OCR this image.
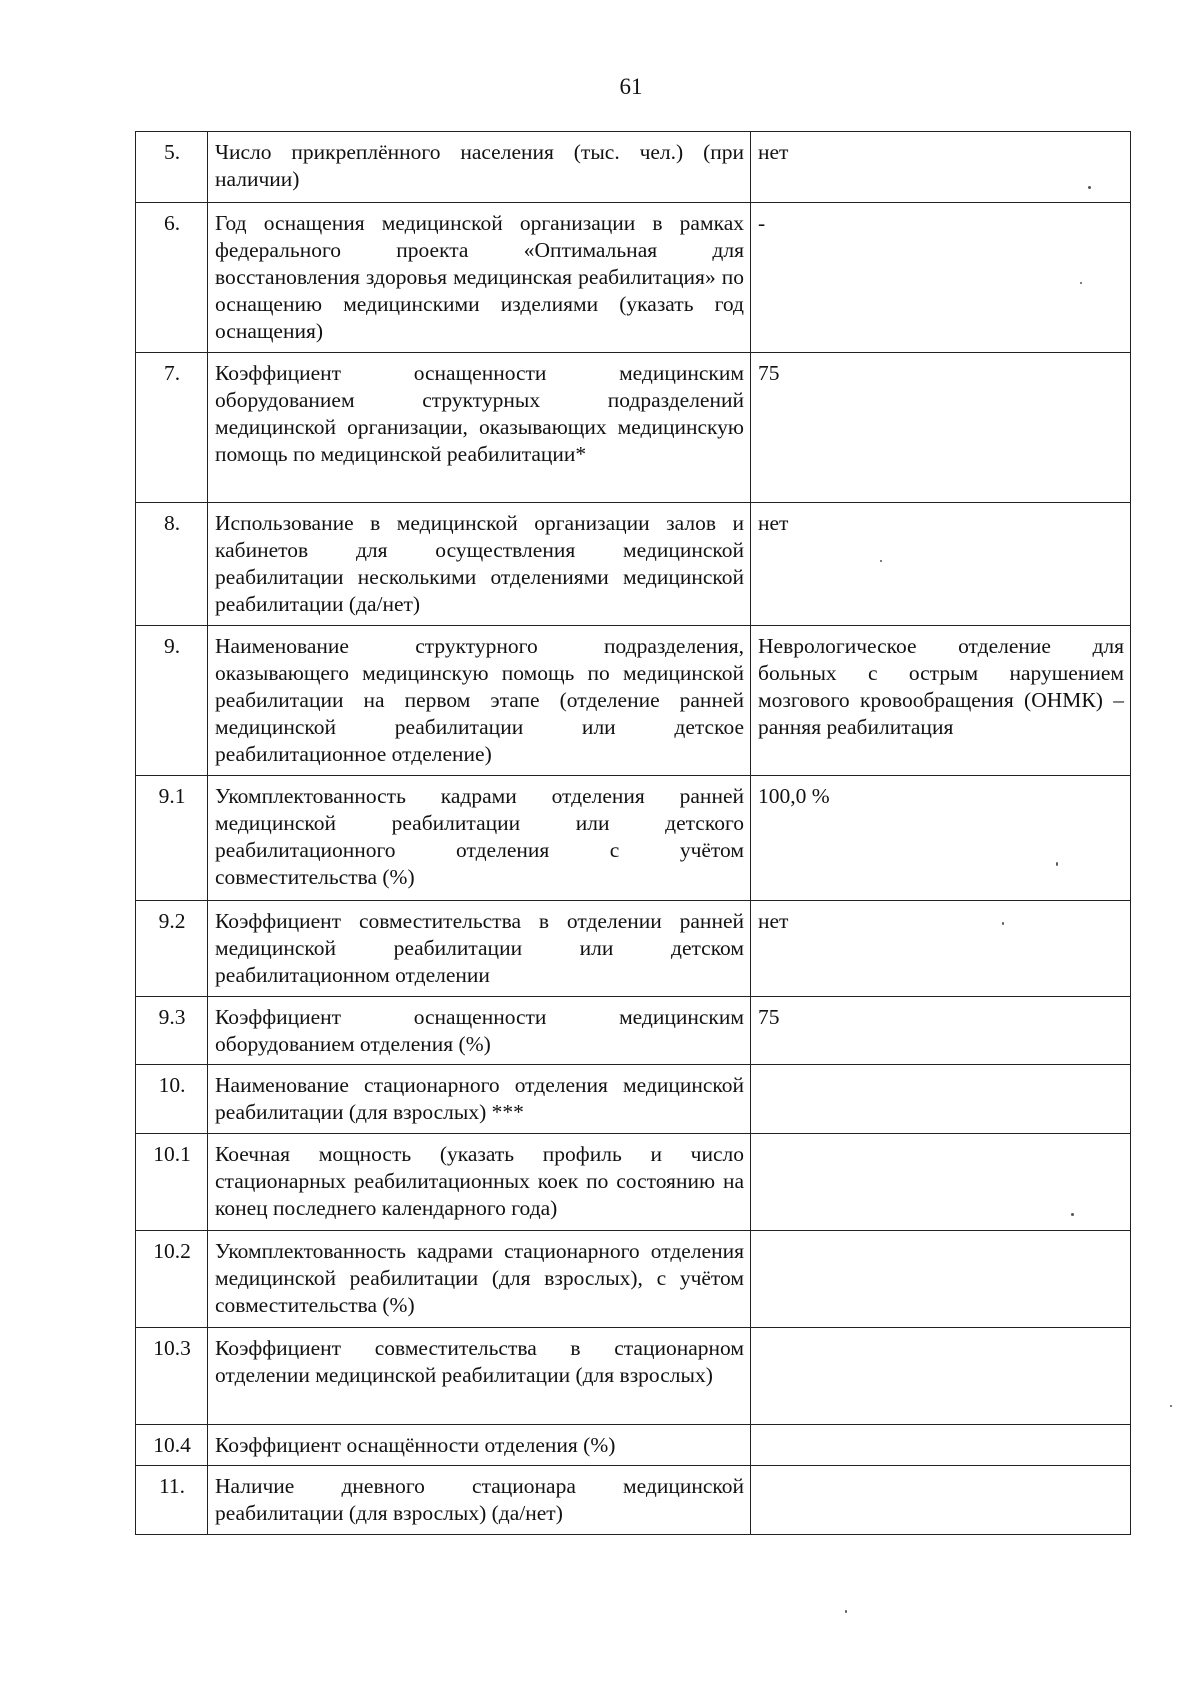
61
5.	Число прикреплённого населения (тыс. чел.) (при наличии)	нет
6.	Год оснащения медицинской организации в рамках федерального проекта «Оптимальная для восстановления здоровья медицинская реабилитация» по оснащению медицинскими изделиями (указать год оснащения)	-
7.	Коэффициент оснащенности медицинским оборудованием структурных подразделений медицинской организации, оказывающих медицинскую помощь по медицинской реабилитации*	75
8.	Использование в медицинской организации залов и кабинетов для осуществления медицинской реабилитации несколькими отделениями медицинской реабилитации (да/нет)	нет
9.	Наименование структурного подразделения, оказывающего медицинскую помощь по медицинской реабилитации на первом этапе (отделение ранней медицинской реабилитации или детское реабилитационное отделение)	Неврологическое отделение для больных с острым нарушением мозгового кровообращения (ОНМК) – ранняя реабилитация
9.1	Укомплектованность кадрами отделения ранней медицинской реабилитации или детского реабилитационного отделения с учётом совместительства (%)	100,0 %
9.2	Коэффициент совместительства в отделении ранней медицинской реабилитации или детском реабилитационном отделении	нет
9.3	Коэффициент оснащенности медицинским оборудованием отделения (%)	75
10.	Наименование стационарного отделения медицинской реабилитации (для взрослых) ***	
10.1	Коечная мощность (указать профиль и число стационарных реабилитационных коек по состоянию на конец последнего календарного года)	
10.2	Укомплектованность кадрами стационарного отделения медицинской реабилитации (для взрослых), с учётом совместительства (%)	
10.3	Коэффициент совместительства в стационарном отделении медицинской реабилитации (для взрослых)	
10.4	Коэффициент оснащённости отделения (%)	
11.	Наличие дневного стационара медицинской реабилитации (для взрослых) (да/нет)	
